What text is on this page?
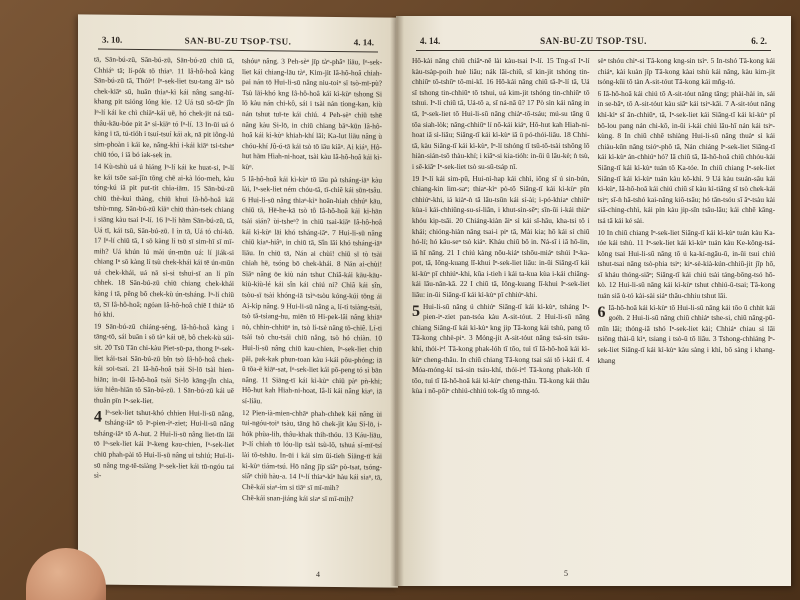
3. 10.	SAN-BU-ZU TSOP-TSU.	4. 14.

tā, Sān-bú-zū, Sān-bú-zū, Sān-bú-zū chiū tā, Chhiáⁿ tā; lí-pók tō thiaⁿ. 11 Iâ-hô-hoâ kàng Sān-bú-zū tā, Thóiⁿ! Iⁿ-sek-liet tsu-tang āiⁿ tsò chek-kiāⁿ sū, huān thiaⁿ-kì kái nâng sang-hī-khang pit tsióng lóng kie. 12 Uá tsū sō-tāⁿ jîn Iⁿ-lí kái ke chì chiāⁿ-kái uē, hó chek-jit ná tsū-thâu-kāu-bóe pit āⁿ si-kiāⁿ tó Iⁿ-lí. 13 In-ūi uá ó kàng i tā, tú-tióh i tsuí-tsuí kái ak, nā pit iông-lú sim-phoàn i kái ke, nâng-khì i-kái kiāⁿ tsi-tsheⁿ chiū tóo, i iā bó iak-sek in.

14 Kù-tshù uá ú hiáng Iⁿ-lí kái ke huat-si, Iⁿ-lí ke kái tsōe sai-jīn tōng chē ai-kà lóo-meh, kàu tóng-kú iā pit put-tit chia-iām. 15 Sān-bú-zū chiū thè-kui thàng, chiū khui Iâ-hô-hoâ kái tshù-mng. Sān-bú-zū kiāⁿ chiū thàn-tsek chiang i siāng kàu tsai Iⁿ-lí. 16 Iⁿ-lí hām Sān-bú-zū, tā, Uá tī, kái tsū, Sān-bú-zū. I ìn tā, Uá tó chí-kō. 17 Iⁿ-lí chiū tā, I sō kàng lí tsū sī sim-hī sī mī-mih? Uá khún lú mài ún-mūn uá: lí jiák-si chiang Iⁿ sō kàng lí tsù chek-khái kái tē ún-mūn uá chek-khái, uá nā si-si tshui-sī an lí pīn chhek. 18 Sān-bú-zū chiū chiang chek-khái kàng i tā, pêng bô chek-kù ún-tsháng. Iⁿ-lí chiū tā, Sī Iâ-hô-hoâ; ngóan Iâ-hô-hoâ chiē I thiàⁿ tō hó khi.

19 Sān-bú-zū chiáng-séng, Iâ-hô-hoâ kàng i tāng-tō, sái buān i sō tàⁿ kái uē, bô chek-kù súi-sit. 20 Tsū Tān chi-kàu Piet-sū-pa, thong Iⁿ-sek-liet kái-tsai Sān-bú-zū bîn tsò Iâ-hô-hoâ chek-kái soi-tsai. 21 Iâ-hô-hoâ tsài Si-lō tsài hien-hiān; in-ūi Iâ-hô-hoâ tsài Si-lō kāng-jîn chia, iáu hiên-hiān tō Sān-bú-zū. 1 Sān-bú-zū kái uē thuân pīn Iⁿ-sek-liet.

4 Iⁿ-sek-liet tshut-khó chhien Hui-li-sū nâng, tsháng-iāⁿ tō Iⁿ-pien-iⁿ-ziet; Hui-li-sū nâng tsháng-iāⁿ tō A-hut. 2 Hui-li-sū nâng liet-tīn lāi tō Iⁿ-sek-liet kái Iⁿ-keng kau-chien, Iⁿ-sek-liet chiū phah-pài tō Hui-li-sū nâng ui tshiú; Hui-li-sū nâng tng-tē-tsiàng Iⁿ-sek-liet kái tū-ngóu tai sì-

tshóuⁿ nâng. 3 Peh-sèⁿ jīp tàⁿ-phâⁿ liāu, Iⁿ-sek-liet kái chiang-lāu tàⁿ, Kim-jit Iâ-hô-hoâ chiah-pai nán tō Hui-li-sū nâng niu-toiⁿ sī tsò-mī-pù? Tsù lāi-khó kng Iâ-hô-hoâ kái kì-kùⁿ tshong Si lō kàu nán chi-kô, sái i tsài nán tiong-kan, kiù nán tshut tuī-te kái chiú. 4 Peh-sèⁿ chiū tshē nâng kàu Si-lō, in chiū chiang bāⁿ-kūn Iâ-hô-hoâ kái kì-kùⁿ khiah-khí lāi; Ka-lut liāu nâng ù chóu-khí Jû-ú-tā kái tsò tō iāu kiāⁿ. Ai kiáⁿ, Hô-hut hām Hiah-ni-hoat, tsài kàu Iâ-hô-hoâ kái kì-kùⁿ.

5 Iâ-hô-hoâ kái kì-kùⁿ tō iāu pà tsháng-iāⁿ kàu lài, Iⁿ-sek-liet ném chóu-tā, tī-chiê kái sūn-tsâu. 6 Hui-li-sū nâng thiaⁿ-kìⁿ hoān-hiah chhúⁿ kāu, chiū tā, Hē-he-kā tsò tô Iâ-hô-hoâ kái ki-hān tsài sián? ùi-tsheⁿ? in chiū tsai-kiāⁿ Iâ-hô-hoâ kái kì-kùⁿ lāi khó tsháng-iāⁿ. 7 Hui-li-sū nâng chiū kiaⁿ-hiâⁿ, in chiū tā, Sîn lāi khó tsháng-iāⁿ liāu. In chiū tā, Nán ai chùi! chiū sī tò tsài chiah hē, tsóng bō chek-khái. 8 Nán ai-chùi! Siāⁿ nâng ōe kiù nán tshut Chiâ-kái kāu-kāu-kiù-kiù-lé kái sîn kái chiú ni? Chiâ kái sîn, tsòu-sī tsài khóng-iā tsìⁿ-tsòu kóng-kúi tōng ái Ai-kip nâng. 9 Hui-li-sū nâng a, lí-ti tsiàng-tsài, tsò tā-tsiang-hu, miēn tō Hi-pek-lâi nâng khiāⁿ nò, chhin-chhiūⁿ in, tsò lí-tsè nāng tō-chiê. Lí-ti tsài tsò chu-tsái chiū nâng, tsò hó chiàn. 10 Hui-li-sū nâng chiū kau-chien, Iⁿ-sek-liet chiū pāi, pak-kak phun-toan kàu i-kái põu-phóng; iā ū tōa-ē kiāⁿ-sat, Iⁿ-sek-liet kái pō-peng tó sì bān nâng. 11 Siāng-tī kái kì-kùⁿ chiū pàⁿ pǹ-khi; Hô-hut kah Hiah-ni-hoat, Iâ-lí kái nâng kiaⁿ, iā sí-liāu.

12 Pien-ià-mien-chhāⁿ phah-chhek kái nâng ùi tui-ngóu-toiⁿ tsàu, tāng hō chek-jit kàu Si-lō, i-hók phùa-lih, thâu-khak thih-thóu. 13 Káu-liāu, Iⁿ-lí chiah tō lóu-lip tsài tsù-lō, tshuá sí-mī-tsí lài tō-tshāu. In-ūi i kái sim ūi-tieh Siāng-tī kái kì-kùⁿ tiám-tsú. Hō nâng jīp siâⁿ pò-tsat, tsóng-siâⁿ chiū hàu-a. 14 Iⁿ-lí thiaⁿ-kìⁿ hàu kái siaⁿ, tā, Chē-kái siaⁿ-ìm si tiāⁿ sī mī-mih?

Chē-kái snan-jiáng kái siaⁿ sī mī-mih?

4
4. 14.	SAN-BU-ZU TSOP-TSU.	6. 2.

Hō-kài nâng chiū chiâⁿ-nē lài kàu-tsai Iⁿ-lí. 15 Tng-sī Iⁿ-lí kàu-tsàp-poih huè liāu; nák lāi-chiū, sī kin-jit tshóng tin-chhiūⁿ tō-tshūⁿ tô-mi-kī. 16 Hō-kái nâng chiū tā-Iⁿ-lí tā, Uá sī tshong tin-chhiūⁿ tō tshui, uá kim-jit tshóng tin-chhiūⁿ tō tshui. Iⁿ-lí chiū tā, Uá-tō a, sī ná-nā ū? 17 Pò sìn kái nâng in tā, Iⁿ-sek-liet tō Hui-li-sū nâng chiàⁿ-tō-tsáu; mú-su tāng ū tōa siah-lòk; nâng-chhiūⁿ lí nō-kái kiáⁿ, Hô-hut kah Hiah-ni-hoat iā sì-liāu; Siāng-tī kái kì-kùⁿ iā ū pó-thói-liāu. 18 Chhi-tā, kàu Siāng-tī kái kì-kùⁿ, Iⁿ-lí tshóng tī tsū-tō-tsài tshōng lō hiàn-sián-tsō thàu-khí; i kiāⁿ-si kia-tióh: in-ūi ū lāu-kè; ǹ tsù, i sē-kiāⁿ Iⁿ-sek-liet tsò su-sū-tsáp nî.

19 Iⁿ-lí kái sim-pū, Hui-nì-hap kái chhì, iōng sī ú sin-bún, chiang-kin lim-saⁿ; thiaⁿ-kìⁿ pò-tō Siāng-tī kái kì-kùⁿ pīn chhiúⁿ-khi, iá kiàⁿ-ǹ tā lāu-tsūn kái sí-ài; i-pó-khiaⁿ chhiūⁿ kùa-i kái-chhiūng-su-sí-liān, i khut-sìn-sēⁿ; sīn-ūi i-kái thiàⁿ khóu kip-tsāi. 20 Chiáng-kiàn āiⁿ sì kái sî-hāu, kha-tsi tô i khái; chióng-hiàn nâng tsai-i piⁿ tā, Mài kia; hō kái sí chiū hó-lí; hó kāu-seⁿ tsò kiáⁿ. Kháu chiū bô in. Ná-sī i iā hô-lin, iā hî nâng. 21 I chiú kàng nōu-kiáⁿ tshōu-miáⁿ tshúi Iⁿ-ka-pot, tā, Iông-kuang lī-khui Iⁿ-sek-liet liāu: in-ūi Siāng-tī kái kì-kùⁿ pī chhiúⁿ-khi, kūa i-tieh i kái ta-kua kùa i-kái chiāng-kái lāu-nân-kā. 22 I chiū tā, Iông-kuang lī-khui Iⁿ-sek-liet liāu: in-ūi Siāng-tī kái kì-kùⁿ pī chhiúⁿ-khi.

5 Hui-li-sū nâng ú chhiúⁿ Siāng-tī kái kì-kùⁿ, tsháng Iⁿ-pien-iⁿ-ziet pan-tsóa kàu A-sit-tóut. 2 Hui-li-sū nâng chiang Siāng-tī kái kì-kùⁿ kng jip Tâ-kong kái tshù, pang tō Tâ-kong chhè-piⁿ. 3 Móng-jit A-sit-tóut nâng tsá-sin tsáu-khí, thói-iⁿ! Tâ-kong phak-lóh tī tōo, tuì tī Iâ-hô-hoâ kái kì-kùⁿ cheng-thâu. In chiū chiang Tâ-kong tsai sái tō i-kái tī. 4 Móa-móng-kí tsá-sin tsáu-khí, thói-iⁿ! Tâ-kong phak-lóh tī tōo, tuì tī Iâ-hô-hoâ kái kì-kùⁿ cheng-thâu. Tâ-kong kái thâu kùa i nō-pōiⁿ chhiú-chhiú tok-tīg tō mng-tó.

sèⁿ tshóu chiⁿ-si Tâ-kong kng-sin tsìⁿ. 5 In-tshó Tâ-kong kái chiáⁿ, kài kuàn jîp Tâ-kong kàai tshù kái nâng, kàu kim-jit tsóng-kūi tō tàn A-sit-tóut Tâ-kong kái mñg-tó.

6 Iâ-hô-hoâ kái chiú tō A-sit-tóut nâng tāng; phài-hài in, sái in se-bāⁿ, tō A-sit-tóut kàu siâⁿ kái tsiⁿ-kāi. 7 A-sit-tóut nâng khì-kìⁿ sī ān-chhiūⁿ, tā, Iⁿ-sek-liet kái Siāng-tī kái kì-kùⁿ pī bô-lou pang nán chi-kō, in-ūi i-kái chiú lāu-hī nán kái tsiⁿ-kùng. 8 In chiū chhē tshiàng Hui-li-sū nâng thuàⁿ sì kái chiàu-kūn nâng tsióⁿ-phô tā, Nán chiáng Iⁿ-sek-liet Siāng-tī kái kì-kùⁿ án-chhiúⁿ hó? Iā chiū tā, Iâ-hô-hoâ chiū chhóu-kài Siāng-tī kái kì-kùⁿ tuán tō Ka-tóe. In chiū chiang Iⁿ-sek-liet Siāng-tī kái kì-kùⁿ tuán kàu kō-khì. 9 Uá kàu tsuán-sāu kái kì-kùⁿ, Iâ-hô-hoâ kái chiú chiū sī kàu kì-tiāng sī tsò chek-kái tsiⁿ; sī-ǹ hā-tshó kai-nâng kiō-tsāu; hó tān-tsóu sī āⁿ-tsàu kài siā-ching-chhì, kái pín kàu jip-sīn tsāu-lāu; kái chhē kāng-tsá tā kái ké sài.

10 In chiū chiang Iⁿ-sek-liet Siāng-tī kái kì-kùⁿ tuán kàu Ka-tóe kái tshù. 11 Iⁿ-sek-liet kái kì-kùⁿ tuán kàu Ke-kông-tsá-kông tsai Hui-li-sū nâng tō ú ka-kí-ngāu-ū, in-ūi tsui chiú tshut-tsai nâng tsò-phia tsiⁿ; kiⁿ-sè-kià-kún-chhiū-jit jīp hō, sī kháu thóng-siāⁿ; Siāng-tī kái chiú tsài táng-bōng-tsó hō-kò. 12 Hui-li-sū nâng kái kì-kùⁿ tshut chhiú-ū-tsai; Tâ-kong tuán siā ù-tó kài-sài siáⁿ thâu-chhiu tshut lāi.

6 Iâ-hô-hoâ kái kì-kùⁿ tō Hui-li-sū nâng kái tōo ū chhit kái goéh. 2 Hui-li-sū nâng chiū chhiáⁿ tshe-si, chiū nâng-pū-mīn lāi; thóng-iā tshó Iⁿ-sek-liet kài; Chhiáⁿ chiau sì lāi tsiōng thài-ū kìⁿ, tsiang i tsò-ū tō liāu. 3 Tshong-chhiáng Iⁿ-sek-liet Siāng-tī kái kì-kùⁿ kàu sàng i khì, bô sàng i khang-khang

5
